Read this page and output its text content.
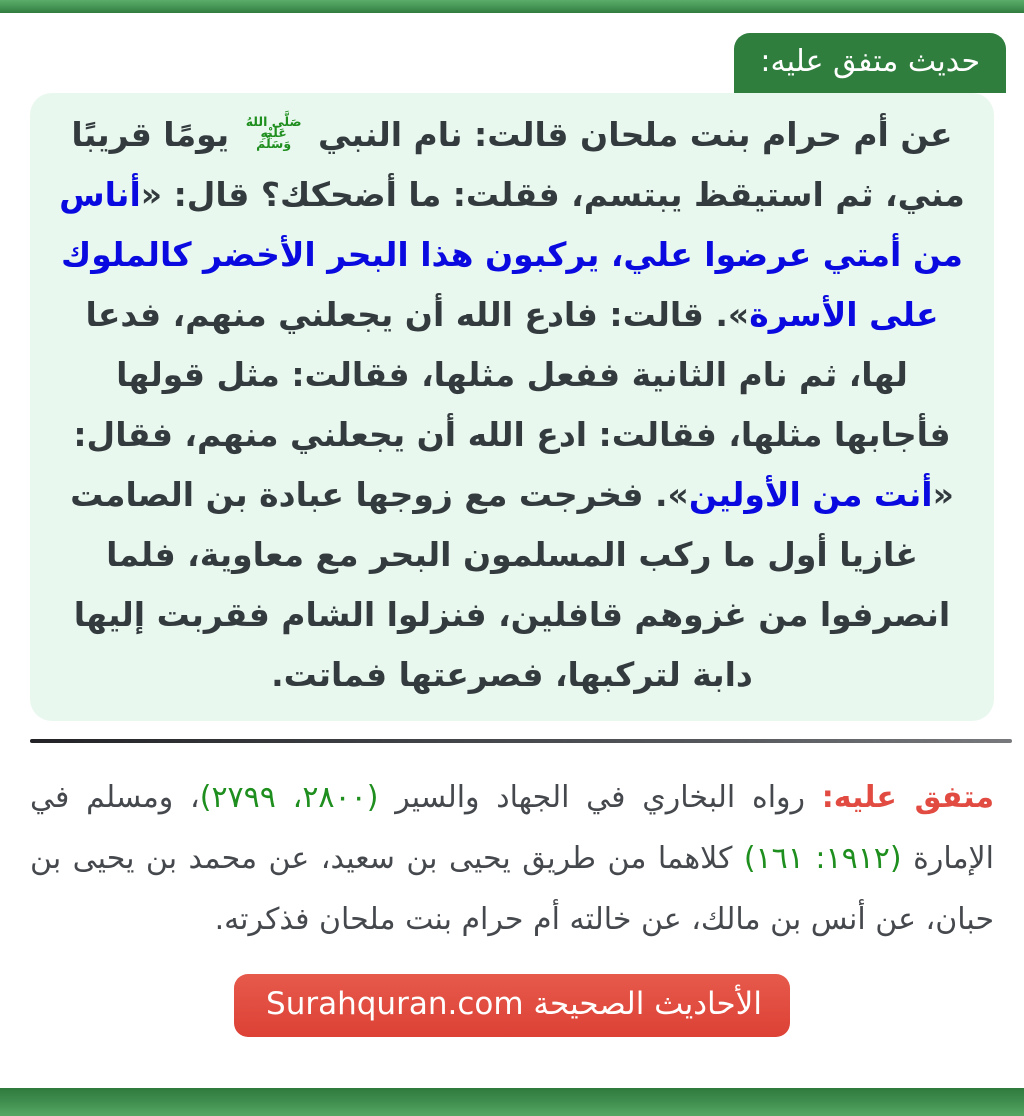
حديث متفق عليه:
عن أم حرام بنت ملحان قالت: نام النبي
صَلَّى اللهُ
عَلَيْهِ
وَسَلَّمَ
يومًا قريبًا مني، ثم استيقظ يبتسم، فقلت: ما أضحكك؟ قال: «أناس من أمتي عرضوا علي، يركبون هذا البحر الأخضر كالملوك على الأسرة». قالت: فادع الله أن يجعلني منهم، فدعا لها، ثم نام الثانية ففعل مثلها، فقالت: مثل قولها فأجابها مثلها، فقالت: ادع الله أن يجعلني منهم، فقال: «أنت من الأولين». فخرجت مع زوجها عبادة بن الصامت غازيا أول ما ركب المسلمون البحر مع معاوية، فلما انصرفوا من غزوهم قافلين، فنزلوا الشام فقربت إليها دابة لتركبها، فصرعتها فماتت.
متفق عليه: رواه البخاري في الجهاد والسير (٢٨٠٠، ٢٧٩٩)، ومسلم في الإمارة (١٩١٢: ١٦١) كلاهما من طريق يحيى بن سعيد، عن محمد بن يحيى بن حبان، عن أنس بن مالك، عن خالته أم حرام بنت ملحان فذكرته.
الأحاديث الصحيحة Surahquran.com
